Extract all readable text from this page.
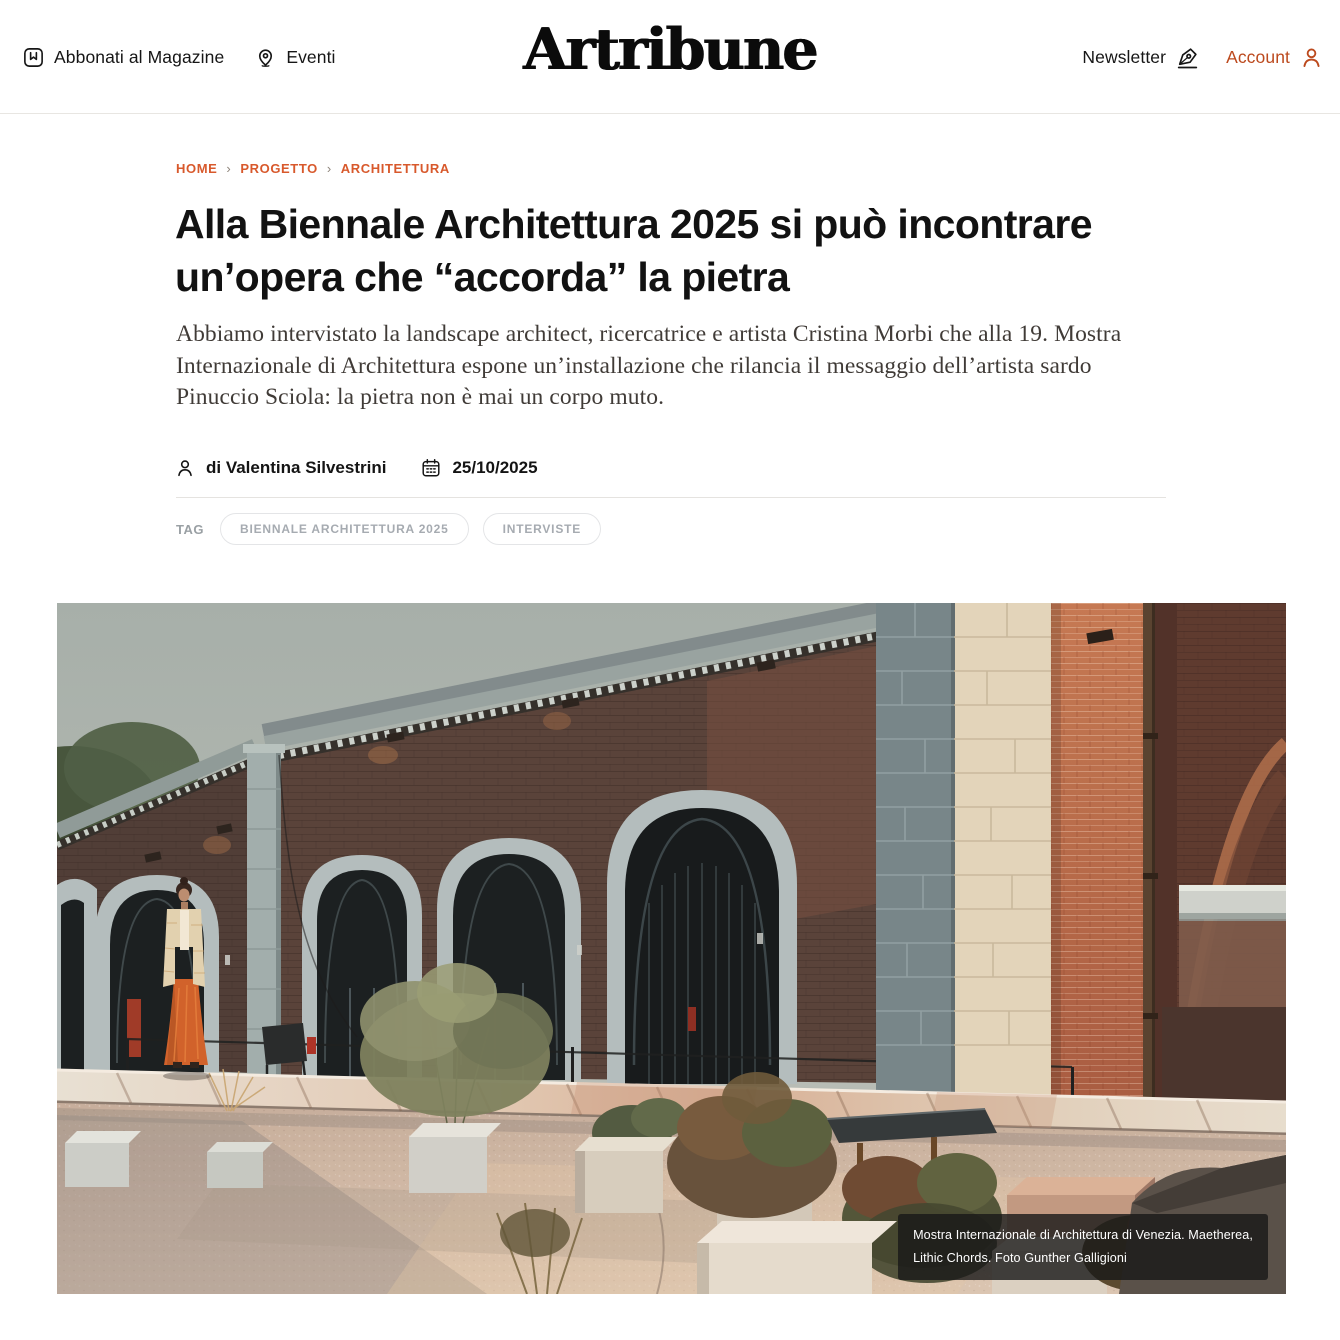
Abbonati al Magazine	Eventi	Artribune	Newsletter	Account
HOME › PROGETTO › ARCHITETTURA
Alla Biennale Architettura 2025 si può incontrare un’opera che “accorda” la pietra

Abbiamo intervistato la landscape architect, ricercatrice e artista Cristina Morbi che alla 19. Mostra Internazionale di Architettura espone un’installazione che rilancia il messaggio dell’artista sardo Pinuccio Sciola: la pietra non è mai un corpo muto.

di Valentina Silvestrini	25/10/2025
TAG	BIENNALE ARCHITETTURA 2025	INTERVISTE
Mostra Internazionale di Architettura di Venezia. Maetherea,
Lithic Chords. Foto Gunther Galligioni
